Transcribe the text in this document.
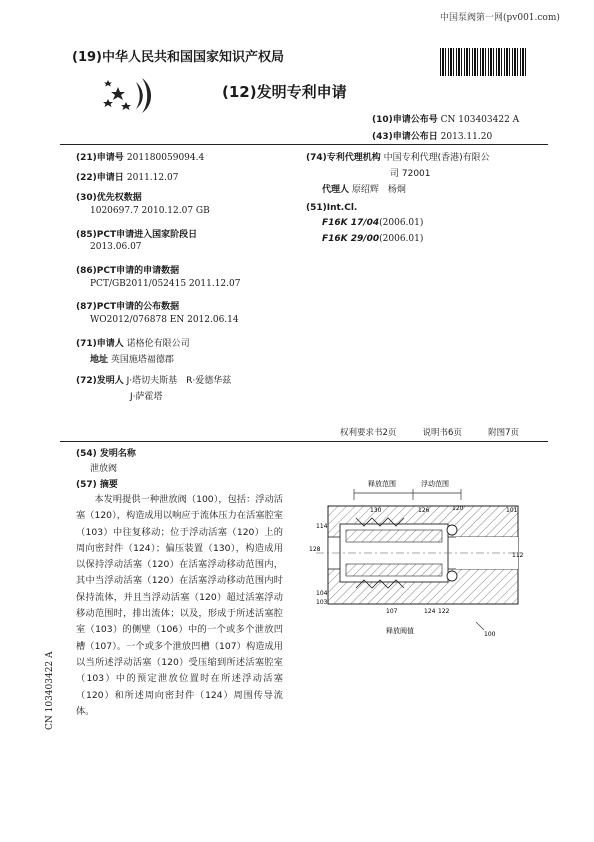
中国泵阀第一网(pv001.com)
(19)中华人民共和国国家知识产权局
(12)发明专利申请
(10)申请公布号 CN 103403422 A
(43)申请公布日 2013.11.20
(21)申请号 201180059094.4
(22)申请日 2011.12.07
(30)优先权数据
1020697.7 2010.12.07 GB
(85)PCT申请进入国家阶段日
2013.06.07
(86)PCT申请的申请数据
PCT/GB2011/052415 2011.12.07
(87)PCT申请的公布数据
WO2012/076878 EN 2012.06.14
(71)申请人 诺格伦有限公司
地址 英国施塔福德郡
(72)发明人 J·塔切夫斯基　R·爱德华兹
J·萨霍塔
(74)专利代理机构 中国专利代理(香港)有限公
司 72001
代理人 原绍辉　杨炯
(51)Int.Cl.
F16K 17/04(2006.01)
F16K 29/00(2006.01)
权利要求书2页	说明书6页	附图7页
(54) 发明名称
泄放阀
(57) 摘要
本发明提供一种泄放阀（100），包括：浮动活塞（120），构造成用以响应于流体压力在活塞腔室（103）中往复移动；位于浮动活塞（120）上的周向密封件（124）；偏压装置（130），构造成用以保持浮动活塞（120）在活塞浮动移动范围内，其中当浮动活塞（120）在活塞浮动移动范围内时保持流体，并且当浮动活塞（120）超过活塞浮动移动范围时，排出流体；以及，形成于所述活塞腔室（103）的侧壁（106）中的一个或多个泄放凹槽（107）。一个或多个泄放凹槽（107）构造成用以当所述浮动活塞（120）受压缩到所述活塞腔室（103）中的预定泄放位置时在所述浮动活塞（120）和所述周向密封件（124）周围传导流体。
释放范围	浮动范围
130	126	120	101
114
128
112
104
103
107	124 122
100
释放阀值
CN 103403422 A
